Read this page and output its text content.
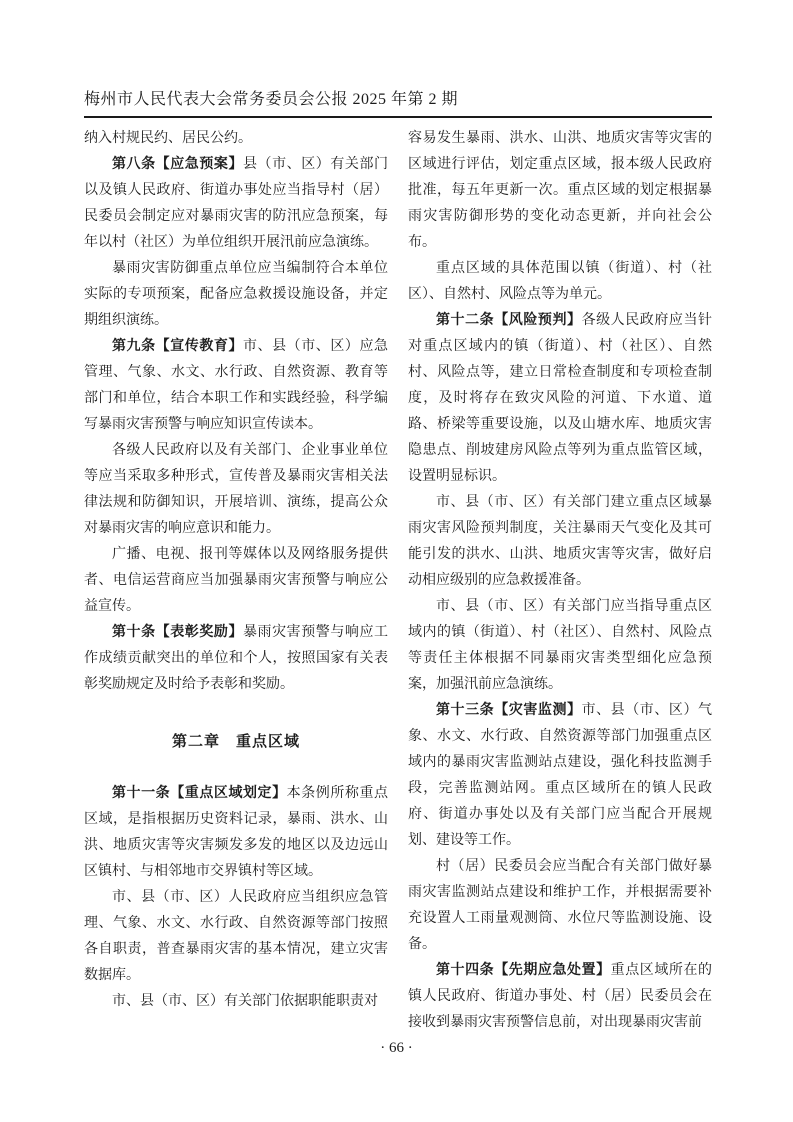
梅州市人民代表大会常务委员会公报 2025 年第 2 期

纳入村规民约、居民公约。

第八条【应急预案】县（市、区）有关部门以及镇人民政府、街道办事处应当指导村（居）民委员会制定应对暴雨灾害的防汛应急预案，每年以村（社区）为单位组织开展汛前应急演练。

暴雨灾害防御重点单位应当编制符合本单位实际的专项预案，配备应急救援设施设备，并定期组织演练。

第九条【宣传教育】市、县（市、区）应急管理、气象、水文、水行政、自然资源、教育等部门和单位，结合本职工作和实践经验，科学编写暴雨灾害预警与响应知识宣传读本。

各级人民政府以及有关部门、企业事业单位等应当采取多种形式，宣传普及暴雨灾害相关法律法规和防御知识，开展培训、演练，提高公众对暴雨灾害的响应意识和能力。

广播、电视、报刊等媒体以及网络服务提供者、电信运营商应当加强暴雨灾害预警与响应公益宣传。

第十条【表彰奖励】暴雨灾害预警与响应工作成绩贡献突出的单位和个人，按照国家有关表彰奖励规定及时给予表彰和奖励。

第二章　重点区域

第十一条【重点区域划定】本条例所称重点区域，是指根据历史资料记录，暴雨、洪水、山洪、地质灾害等灾害频发多发的地区以及边远山区镇村、与相邻地市交界镇村等区域。

市、县（市、区）人民政府应当组织应急管理、气象、水文、水行政、自然资源等部门按照各自职责，普查暴雨灾害的基本情况，建立灾害数据库。

市、县（市、区）有关部门依据职能职责对

容易发生暴雨、洪水、山洪、地质灾害等灾害的区域进行评估，划定重点区域，报本级人民政府批准，每五年更新一次。重点区域的划定根据暴雨灾害防御形势的变化动态更新，并向社会公布。

重点区域的具体范围以镇（街道）、村（社区）、自然村、风险点等为单元。

第十二条【风险预判】各级人民政府应当针对重点区域内的镇（街道）、村（社区）、自然村、风险点等，建立日常检查制度和专项检查制度，及时将存在致灾风险的河道、下水道、道路、桥梁等重要设施，以及山塘水库、地质灾害隐患点、削坡建房风险点等列为重点监管区域，设置明显标识。

市、县（市、区）有关部门建立重点区域暴雨灾害风险预判制度，关注暴雨天气变化及其可能引发的洪水、山洪、地质灾害等灾害，做好启动相应级别的应急救援准备。

市、县（市、区）有关部门应当指导重点区域内的镇（街道）、村（社区）、自然村、风险点等责任主体根据不同暴雨灾害类型细化应急预案，加强汛前应急演练。

第十三条【灾害监测】市、县（市、区）气象、水文、水行政、自然资源等部门加强重点区域内的暴雨灾害监测站点建设，强化科技监测手段，完善监测站网。重点区域所在的镇人民政府、街道办事处以及有关部门应当配合开展规划、建设等工作。

村（居）民委员会应当配合有关部门做好暴雨灾害监测站点建设和维护工作，并根据需要补充设置人工雨量观测筒、水位尺等监测设施、设备。

第十四条【先期应急处置】重点区域所在的镇人民政府、街道办事处、村（居）民委员会在接收到暴雨灾害预警信息前，对出现暴雨灾害前

· 66 ·
